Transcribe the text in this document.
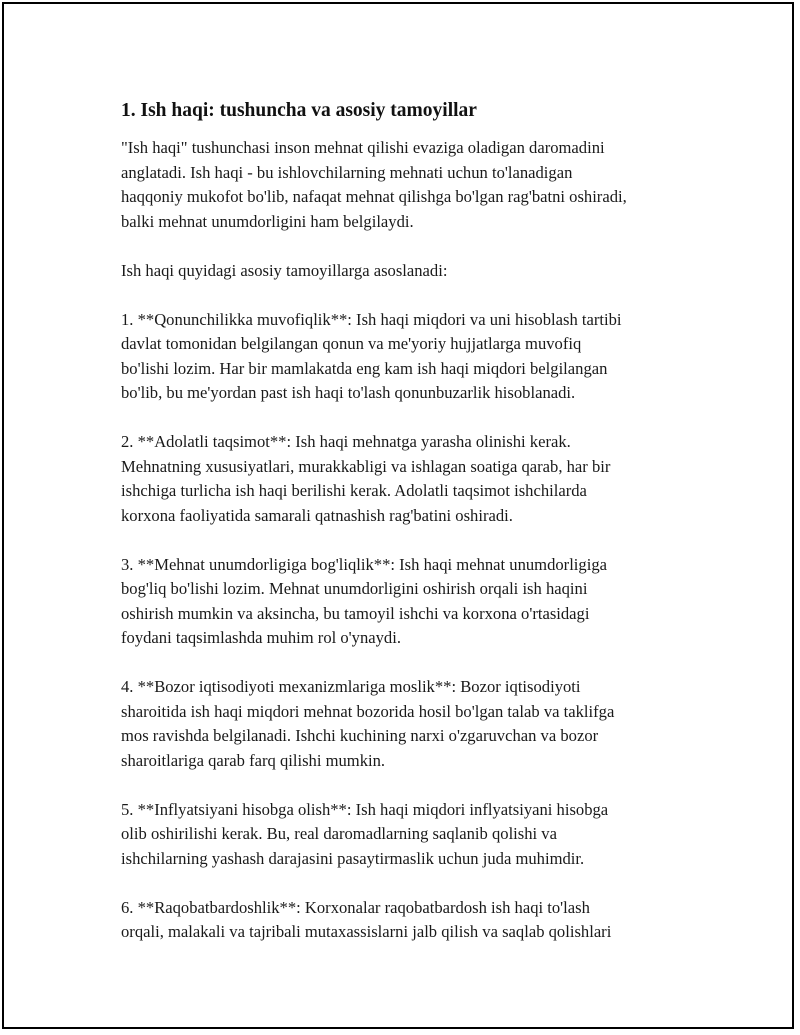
1. Ish haqi: tushuncha va asosiy tamoyillar

"Ish haqi" tushunchasi inson mehnat qilishi evaziga oladigan daromadini
anglatadi. Ish haqi - bu ishlovchilarning mehnati uchun to'lanadigan
haqqoniy mukofot bo'lib, nafaqat mehnat qilishga bo'lgan rag'batni oshiradi,
balki mehnat unumdorligini ham belgilaydi.

Ish haqi quyidagi asosiy tamoyillarga asoslanadi:

1. **Qonunchilikka muvofiqlik**: Ish haqi miqdori va uni hisoblash tartibi
davlat tomonidan belgilangan qonun va me'yoriy hujjatlarga muvofiq
bo'lishi lozim. Har bir mamlakatda eng kam ish haqi miqdori belgilangan
bo'lib, bu me'yordan past ish haqi to'lash qonunbuzarlik hisoblanadi.

2. **Adolatli taqsimot**: Ish haqi mehnatga yarasha olinishi kerak.
Mehnatning xususiyatlari, murakkabligi va ishlagan soatiga qarab, har bir
ishchiga turlicha ish haqi berilishi kerak. Adolatli taqsimot ishchilarda
korxona faoliyatida samarali qatnashish rag'batini oshiradi.

3. **Mehnat unumdorligiga bog'liqlik**: Ish haqi mehnat unumdorligiga
bog'liq bo'lishi lozim. Mehnat unumdorligini oshirish orqali ish haqini
oshirish mumkin va aksincha, bu tamoyil ishchi va korxona o'rtasidagi
foydani taqsimlashda muhim rol o'ynaydi.

4. **Bozor iqtisodiyoti mexanizmlariga moslik**: Bozor iqtisodiyoti
sharoitida ish haqi miqdori mehnat bozorida hosil bo'lgan talab va taklifga
mos ravishda belgilanadi. Ishchi kuchining narxi o'zgaruvchan va bozor
sharoitlariga qarab farq qilishi mumkin.

5. **Inflyatsiyani hisobga olish**: Ish haqi miqdori inflyatsiyani hisobga
olib oshirilishi kerak. Bu, real daromadlarning saqlanib qolishi va
ishchilarning yashash darajasini pasaytirmaslik uchun juda muhimdir.

6. **Raqobatbardoshlik**: Korxonalar raqobatbardosh ish haqi to'lash
orqali, malakali va tajribali mutaxassislarni jalb qilish va saqlab qolishlari
